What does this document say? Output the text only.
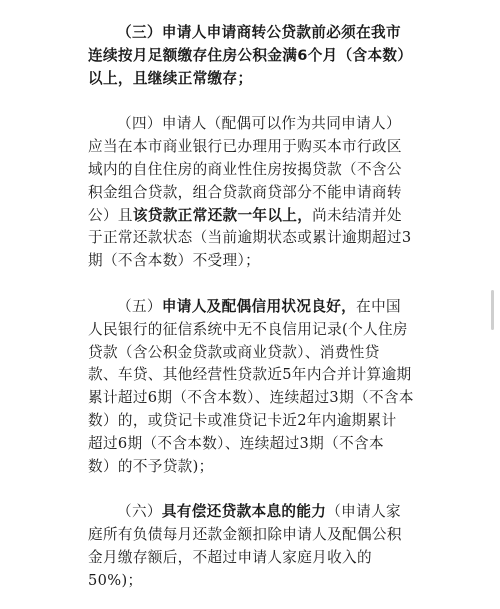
（三）申请人申请商转公贷款前必须在我市
连续按月足额缴存住房公积金满6个月（含本数）
以上，且继续正常缴存；
（四）申请人（配偶可以作为共同申请人）
应当在本市商业银行已办理用于购买本市行政区
域内的自住住房的商业性住房按揭贷款（不含公
积金组合贷款，组合贷款商贷部分不能申请商转
公）且该贷款正常还款一年以上，尚未结清并处
于正常还款状态（当前逾期状态或累计逾期超过3
期（不含本数）不受理）；
（五）申请人及配偶信用状况良好，在中国
人民银行的征信系统中无不良信用记录(个人住房
贷款（含公积金贷款或商业贷款）、消费性贷
款、车贷、其他经营性贷款近5年内合并计算逾期
累计超过6期（不含本数）、连续超过3期（不含本
数）的，或贷记卡或准贷记卡近2年内逾期累计
超过6期（不含本数）、连续超过3期（不含本
数）的不予贷款)；
（六）具有偿还贷款本息的能力（申请人家
庭所有负债每月还款金额扣除申请人及配偶公积
金月缴存额后，不超过申请人家庭月收入的
50%)；
